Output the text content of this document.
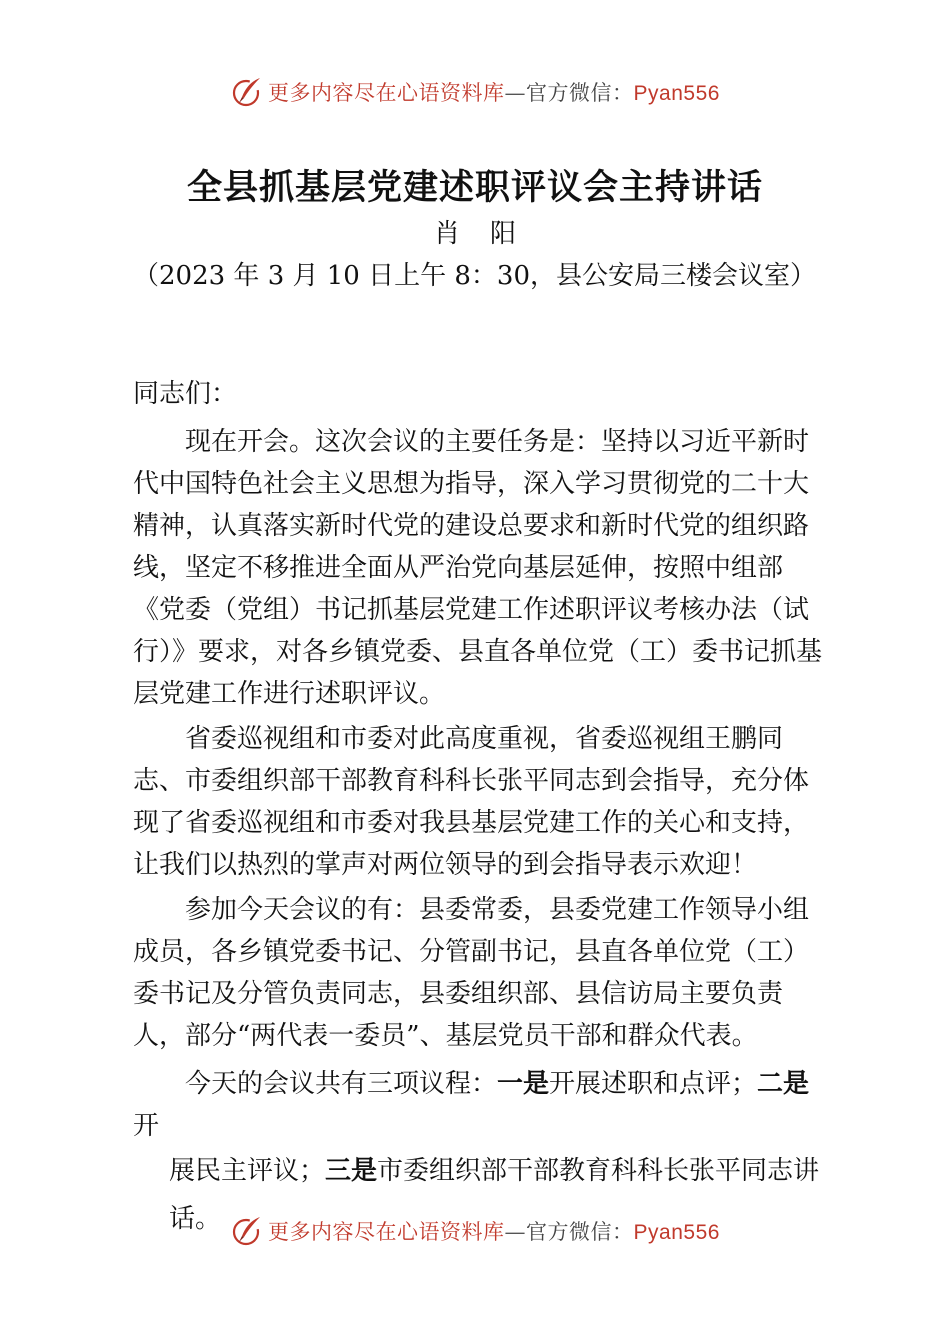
更多内容尽在心语资料库—官方微信：Pyan556
全县抓基层党建述职评议会主持讲话
肖阳
（2023 年 3 月 10 日上午 8：30，县公安局三楼会议室）

同志们：

现在开会。这次会议的主要任务是：坚持以习近平新时代中国特色社会主义思想为指导，深入学习贯彻党的二十大精神，认真落实新时代党的建设总要求和新时代党的组织路线，坚定不移推进全面从严治党向基层延伸，按照中组部《党委（党组）书记抓基层党建工作述职评议考核办法（试行）》要求，对各乡镇党委、县直各单位党（工）委书记抓基层党建工作进行述职评议。

省委巡视组和市委对此高度重视，省委巡视组王鹏同志、市委组织部干部教育科科长张平同志到会指导，充分体现了省委巡视组和市委对我县基层党建工作的关心和支持，让我们以热烈的掌声对两位领导的到会指导表示欢迎！

参加今天会议的有：县委常委，县委党建工作领导小组成员，各乡镇党委书记、分管副书记，县直各单位党（工）委书记及分管负责同志，县委组织部、县信访局主要负责人，部分“两代表一委员”、基层党员干部和群众代表。

今天的会议共有三项议程：一是开展述职和点评；二是开
展民主评议；三是市委组织部干部教育科科长张平同志讲话。	更多内容尽在心语资料库—官方微信：Pyan556
